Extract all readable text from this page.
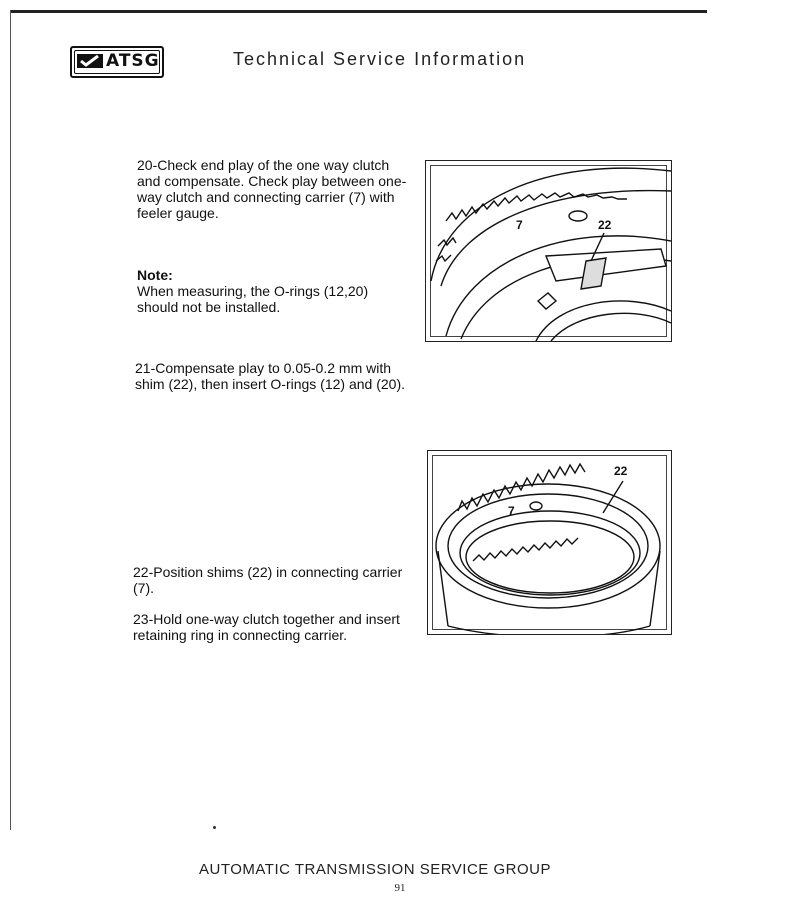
ATSG	Technical Service Information
20-Check end play of the one way clutch and compensate. Check play between one-way clutch and connecting carrier (7) with feeler gauge.
Note:
When measuring, the O-rings (12,20) should not be installed.
21-Compensate play to 0.05-0.2 mm with shim (22), then insert O-rings (12) and (20).
22-Position shims (22) in connecting carrier (7).
23-Hold one-way clutch together and insert retaining ring in connecting carrier.
7	22
7
22
AUTOMATIC TRANSMISSION SERVICE GROUP
91
